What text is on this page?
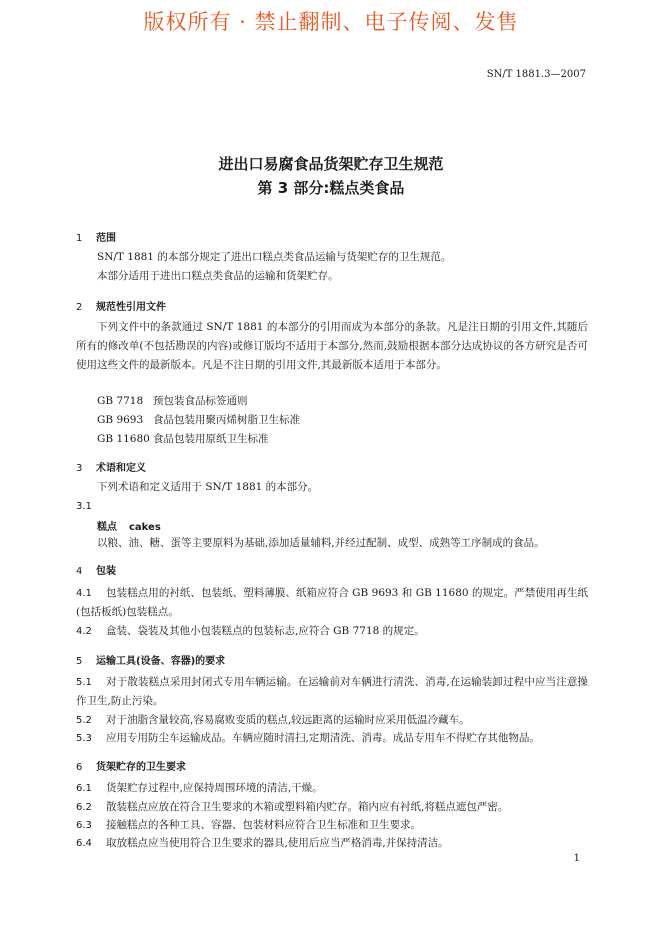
版权所有 · 禁止翻制、电子传阅、发售
SN/T 1881.3—2007
进出口易腐食品货架贮存卫生规范
第 3 部分:糕点类食品
1 范围
SN/T 1881 的本部分规定了进出口糕点类食品运输与货架贮存的卫生规范。
本部分适用于进出口糕点类食品的运输和货架贮存。
2 规范性引用文件
下列文件中的条款通过 SN/T 1881 的本部分的引用而成为本部分的条款。凡是注日期的引用文件,其随后所有的修改单(不包括勘误的内容)或修订版均不适用于本部分,然而,鼓励根据本部分达成协议的各方研究是否可使用这些文件的最新版本。凡是不注日期的引用文件,其最新版本适用于本部分。
GB 7718 预包装食品标签通则
GB 9693 食品包装用聚丙烯树脂卫生标准
GB 11680 食品包装用原纸卫生标准
3 术语和定义
下列术语和定义适用于 SN/T 1881 的本部分。
3.1
糕点 cakes
以粮、油、糖、蛋等主要原料为基础,添加适量辅料,并经过配制、成型、成熟等工序制成的食品。
4 包装
4.1 包装糕点用的衬纸、包装纸、塑料薄膜、纸箱应符合 GB 9693 和 GB 11680 的规定。严禁使用再生纸(包括板纸)包装糕点。
4.2 盒装、袋装及其他小包装糕点的包装标志,应符合 GB 7718 的规定。
5 运输工具(设备、容器)的要求
5.1 对于散装糕点采用封闭式专用车辆运输。在运输前对车辆进行清洗、消毒,在运输装卸过程中应当注意操作卫生,防止污染。
5.2 对于油脂含量较高,容易腐败变质的糕点,较远距离的运输时应采用低温冷藏车。
5.3 应用专用防尘车运输成品。车辆应随时清扫,定期清洗、消毒。成品专用车不得贮存其他物品。
6 货架贮存的卫生要求
6.1 货架贮存过程中,应保持周围环境的清洁,干燥。
6.2 散装糕点应放在符合卫生要求的木箱或塑料箱内贮存。箱内应有衬纸,将糕点遮包严密。
6.3 接触糕点的各种工具、容器、包装材料应符合卫生标准和卫生要求。
6.4 取放糕点应当使用符合卫生要求的器具,使用后应当严格消毒,并保持清洁。
1
